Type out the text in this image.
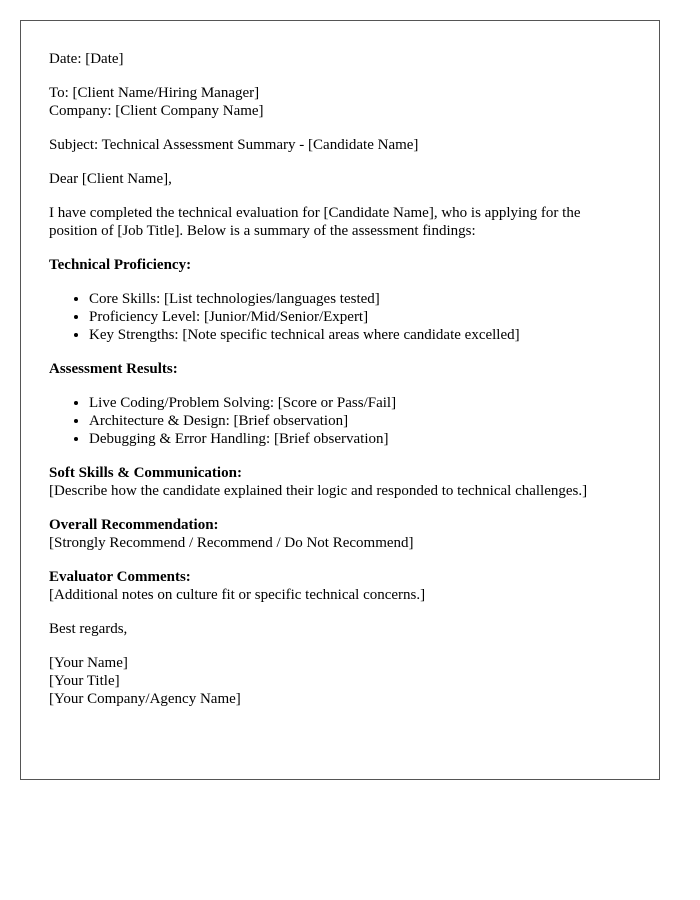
Date: [Date]
To: [Client Name/Hiring Manager]
Company: [Client Company Name]
Subject: Technical Assessment Summary - [Candidate Name]
Dear [Client Name],
I have completed the technical evaluation for [Candidate Name], who is applying for the position of [Job Title]. Below is a summary of the assessment findings:
Technical Proficiency:
• Core Skills: [List technologies/languages tested]
• Proficiency Level: [Junior/Mid/Senior/Expert]
• Key Strengths: [Note specific technical areas where candidate excelled]
Assessment Results:
• Live Coding/Problem Solving: [Score or Pass/Fail]
• Architecture & Design: [Brief observation]
• Debugging & Error Handling: [Brief observation]
Soft Skills & Communication:
[Describe how the candidate explained their logic and responded to technical challenges.]
Overall Recommendation:
[Strongly Recommend / Recommend / Do Not Recommend]
Evaluator Comments:
[Additional notes on culture fit or specific technical concerns.]
Best regards,
[Your Name]
[Your Title]
[Your Company/Agency Name]
